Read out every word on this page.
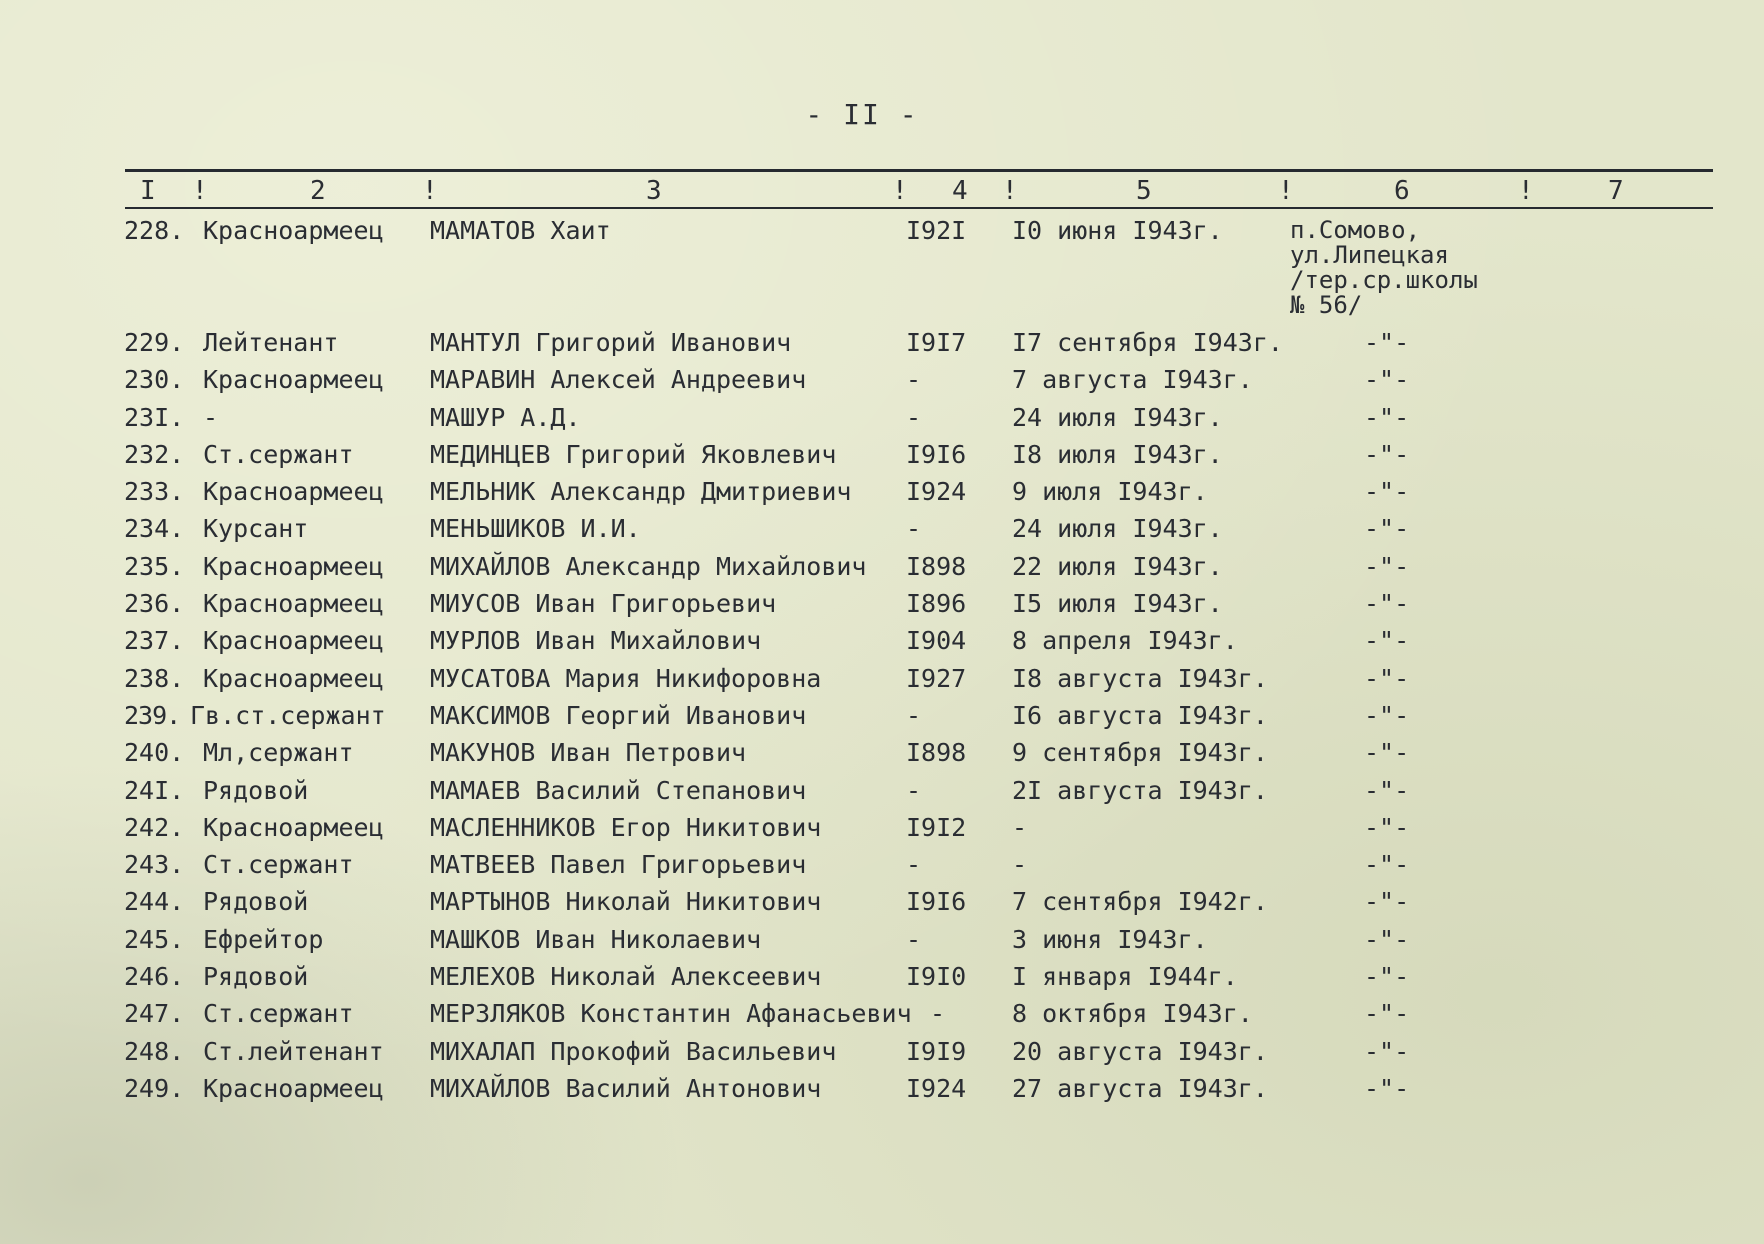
- II -
I !	2	!	3	! 4 !	5	!	6	!	7
228. Красноармеец МАМАТОВ Хаит	I92I I0 июня I943г.	п.Сомово,
ул.Липецкая
/тер.ср.школы
№ 56/
229. Лейтенант	МАНТУЛ Григорий Иванович	I9I7 I7 сентября I943г.	-"-
230. Красноармеец МАРАВИН Алексей Андреевич	-	7 августа I943г.	-"-
23I. -	МАШУР А.Д.	-	24 июля I943г.	-"-
232. Ст.сержант	МЕДИНЦЕВ Григорий Яковлевич	I9I6 I8 июля I943г.	-"-
233. Красноармеец МЕЛЬНИК Александр Дмитриевич I924 9 июля I943г.	-"-
234. Курсант	МЕНЬШИКОВ И.И.	-	24 июля I943г.	-"-
235. Красноармеец МИХАЙЛОВ Александр Михайлович I898 22 июля I943г.	-"-
236. Красноармеец МИУСОВ Иван Григорьевич	I896 I5 июля I943г.	-"-
237. Красноармеец МУРЛОВ Иван Михайлович	I904 8 апреля I943г.	-"-
238. Красноармеец МУСАТОВА Мария Никифоровна	I927 I8 августа I943г.	-"-
239. Гв.ст.сержант МАКСИМОВ Георгий Иванович	-	I6 августа I943г.	-"-
240. Мл,сержант	МАКУНОВ Иван Петрович	I898 9 сентября I943г.	-"-
24I. Рядовой	МАМАЕВ Василий Степанович	-	2I августа I943г.	-"-
242. Красноармеец МАСЛЕННИКОВ Егор Никитович	I9I2 -	-"-
243. Ст.сержант	МАТВЕЕВ Павел Григорьевич	-	-	-"-
244. Рядовой	МАРТЫНОВ Николай Никитович	I9I6 7 сентября I942г.	-"-
245. Ефрейтор	МАШКОВ Иван Николаевич	-	3 июня I943г.	-"-
246. Рядовой	МЕЛЕХОВ Николай Алексеевич	I9I0 I января I944г.	-"-
247. Ст.сержант	МЕРЗЛЯКОВ Константин Афанасьевич -	8 октября I943г.	-"-
248. Ст.лейтенант МИХАЛАП Прокофий Васильевич	I9I9 20 августа I943г.	-"-
249. Красноармеец МИХАЙЛОВ Василий Антонович	I924 27 августа I943г.	-"-
